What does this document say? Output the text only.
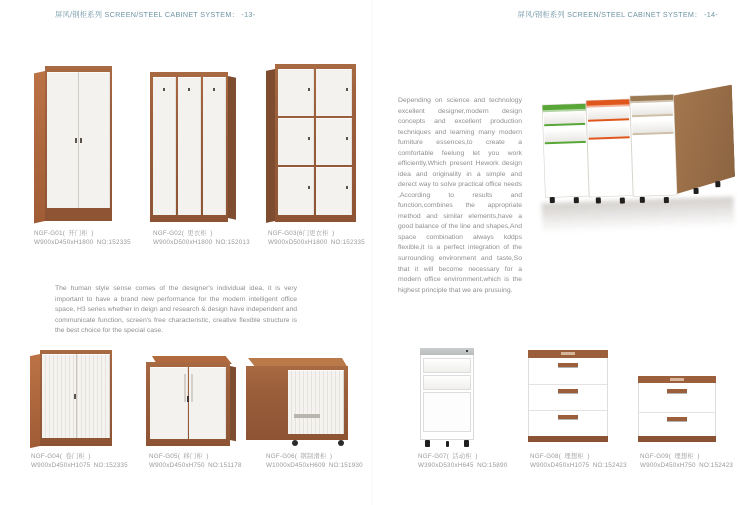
屏风/钢柜系列 SCREEN/STEEL CABINET SYSTEM： -13-	屏风/钢柜系列 SCREEN/STEEL CABINET SYSTEM： -14-
Depending on science and technology excellent designer,modern design concepts and excellent production techniques and learning many modern furniture essences,to create a comfortable feelung let you work efficiently,Which present Hework design idea and originality in a simple and derect way to solve practical office needs ,According to results and function,combines the appropriate method and similar elements,have a good balance of the line and shapes,And space combination always kddps flexible,it is a perfect integration of the surrounding environment and taste,So that it will become necessary for a modern office environment,which is the highest principle that we are prusuing.
The human style sense comes of the designer's individual idea, it is very important to have a brand new performance for the modern intelligent office space, H3 series whether in deign and research & design have independent and communicate function, screen's free characteristic, creative flexible structure is the best choice for the special case.
NGF-G01( 开门柜 )
W900xD450xH1800 NO:152335
NGF-G02( 更衣柜 )
W900xD500xH1800 NO:152013
NGF-G03(6门更衣柜 )
W900xD500xH1800 NO:152335
NGF-G04( 卷门柜 )
W900xD450xH1075 NO:152335
NGF-G05( 移门柜 )
W900xD450xH750 NO:151178
NGF-G06( 钢制滑柜 )
W1000xD450xH609 NO:151930
NGF-G07( 活动柜 )
W390xD530xH645 NO:15890
NGF-G08( 理想柜 )
W900xD450xH1075 NO:152423
NGF-G09( 理想柜 )
W900xD450xH750 NO:152423
